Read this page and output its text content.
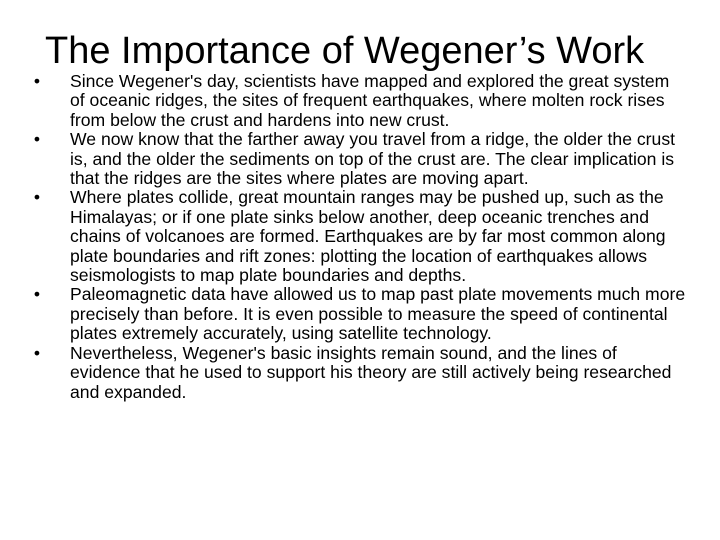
The Importance of Wegener’s Work
• Since Wegener's day, scientists have mapped and explored the great system of oceanic ridges, the sites of frequent earthquakes, where molten rock rises from below the crust and hardens into new crust.
• We now know that the farther away you travel from a ridge, the older the crust is, and the older the sediments on top of the crust are. The clear implication is that the ridges are the sites where plates are moving apart.
• Where plates collide, great mountain ranges may be pushed up, such as the Himalayas; or if one plate sinks below another, deep oceanic trenches and chains of volcanoes are formed. Earthquakes are by far most common along plate boundaries and rift zones: plotting the location of earthquakes allows seismologists to map plate boundaries and depths.
• Paleomagnetic data have allowed us to map past plate movements much more precisely than before. It is even possible to measure the speed of continental plates extremely accurately, using satellite technology.
• Nevertheless, Wegener's basic insights remain sound, and the lines of evidence that he used to support his theory are still actively being researched and expanded.
